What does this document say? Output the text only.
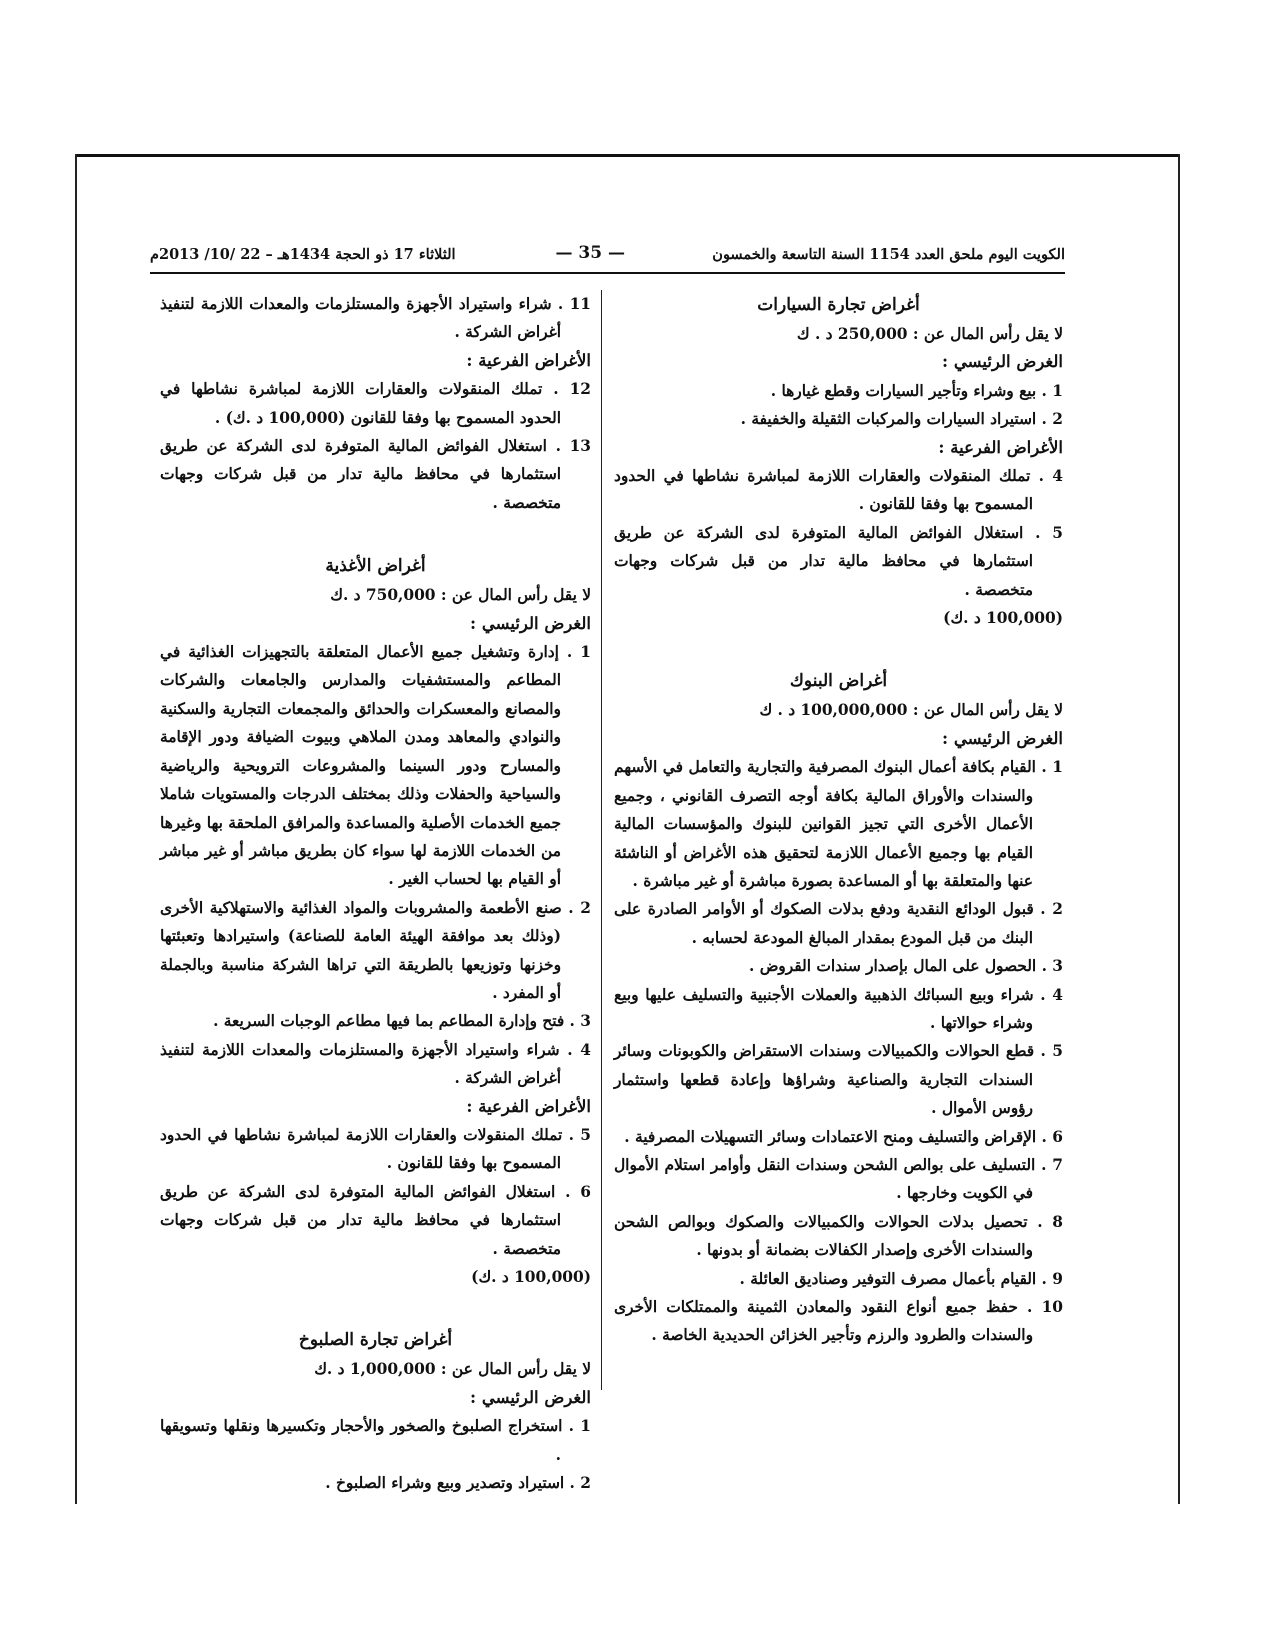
الكويت اليوم ملحق العدد 1154 السنة التاسعة والخمسون
— 35 —
الثلاثاء 17 ذو الحجة 1434هـ – 22 /10/ 2013م
أغراض تجارة السيارات
لا يقل رأس المال عن : 250,000 د . ك
الغرض الرئيسي :
1 . بيع وشراء وتأجير السيارات وقطع غيارها .
2 . استيراد السيارات والمركبات الثقيلة والخفيفة .
الأغراض الفرعية :
4 . تملك المنقولات والعقارات اللازمة لمباشرة نشاطها في الحدود المسموح بها وفقا للقانون .
5 . استغلال الفوائض المالية المتوفرة لدى الشركة عن طريق استثمارها في محافظ مالية تدار من قبل شركات وجهات متخصصة .
(100,000 د .ك)
أغراض البنوك
لا يقل رأس المال عن : 100,000,000 د . ك
الغرض الرئيسي :
1 . القيام بكافة أعمال البنوك المصرفية والتجارية والتعامل في الأسهم والسندات والأوراق المالية بكافة أوجه التصرف القانوني ، وجميع الأعمال الأخرى التي تجيز القوانين للبنوك والمؤسسات المالية القيام بها وجميع الأعمال اللازمة لتحقيق هذه الأغراض أو الناشئة عنها والمتعلقة بها أو المساعدة بصورة مباشرة أو غير مباشرة .
2 . قبول الودائع النقدية ودفع بدلات الصكوك أو الأوامر الصادرة على البنك من قبل المودع بمقدار المبالغ المودعة لحسابه .
3 . الحصول على المال بإصدار سندات القروض .
4 . شراء وبيع السبائك الذهبية والعملات الأجنبية والتسليف عليها وبيع وشراء حوالاتها .
5 . قطع الحوالات والكمبيالات وسندات الاستقراض والكوبونات وسائر السندات التجارية والصناعية وشراؤها وإعادة قطعها واستثمار رؤوس الأموال .
6 . الإقراض والتسليف ومنح الاعتمادات وسائر التسهيلات المصرفية .
7 . التسليف على بوالص الشحن وسندات النقل وأوامر استلام الأموال في الكويت وخارجها .
8 . تحصيل بدلات الحوالات والكمبيالات والصكوك وبوالص الشحن والسندات الأخرى وإصدار الكفالات بضمانة أو بدونها .
9 . القيام بأعمال مصرف التوفير وصناديق العائلة .
10 . حفظ جميع أنواع النقود والمعادن الثمينة والممتلكات الأخرى والسندات والطرود والرزم وتأجير الخزائن الحديدية الخاصة .
11 . شراء واستيراد الأجهزة والمستلزمات والمعدات اللازمة لتنفيذ أغراض الشركة .
الأغراض الفرعية :
12 . تملك المنقولات والعقارات اللازمة لمباشرة نشاطها في الحدود المسموح بها وفقا للقانون (100,000 د .ك) .
13 . استغلال الفوائض المالية المتوفرة لدى الشركة عن طريق استثمارها في محافظ مالية تدار من قبل شركات وجهات متخصصة .
أغراض الأغذية
لا يقل رأس المال عن : 750,000 د .ك
الغرض الرئيسي :
1 . إدارة وتشغيل جميع الأعمال المتعلقة بالتجهيزات الغذائية في المطاعم والمستشفيات والمدارس والجامعات والشركات والمصانع والمعسكرات والحدائق والمجمعات التجارية والسكنية والنوادي والمعاهد ومدن الملاهي وبيوت الضيافة ودور الإقامة والمسارح ودور السينما والمشروعات الترويحية والرياضية والسياحية والحفلات وذلك بمختلف الدرجات والمستويات شاملا جميع الخدمات الأصلية والمساعدة والمرافق الملحقة بها وغيرها من الخدمات اللازمة لها سواء كان بطريق مباشر أو غير مباشر أو القيام بها لحساب الغير .
2 . صنع الأطعمة والمشروبات والمواد الغذائية والاستهلاكية الأخرى (وذلك بعد موافقة الهيئة العامة للصناعة) واستيرادها وتعبئتها وخزنها وتوزيعها بالطريقة التي تراها الشركة مناسبة وبالجملة أو المفرد .
3 . فتح وإدارة المطاعم بما فيها مطاعم الوجبات السريعة .
4 . شراء واستيراد الأجهزة والمستلزمات والمعدات اللازمة لتنفيذ أغراض الشركة .
الأغراض الفرعية :
5 . تملك المنقولات والعقارات اللازمة لمباشرة نشاطها في الحدود المسموح بها وفقا للقانون .
6 . استغلال الفوائض المالية المتوفرة لدى الشركة عن طريق استثمارها في محافظ مالية تدار من قبل شركات وجهات متخصصة .
(100,000 د .ك)
أغراض تجارة الصلبوخ
لا يقل رأس المال عن : 1,000,000 د .ك
الغرض الرئيسي :
1 . استخراج الصلبوخ والصخور والأحجار وتكسيرها ونقلها وتسويقها .
2 . استيراد وتصدير وبيع وشراء الصلبوخ .
